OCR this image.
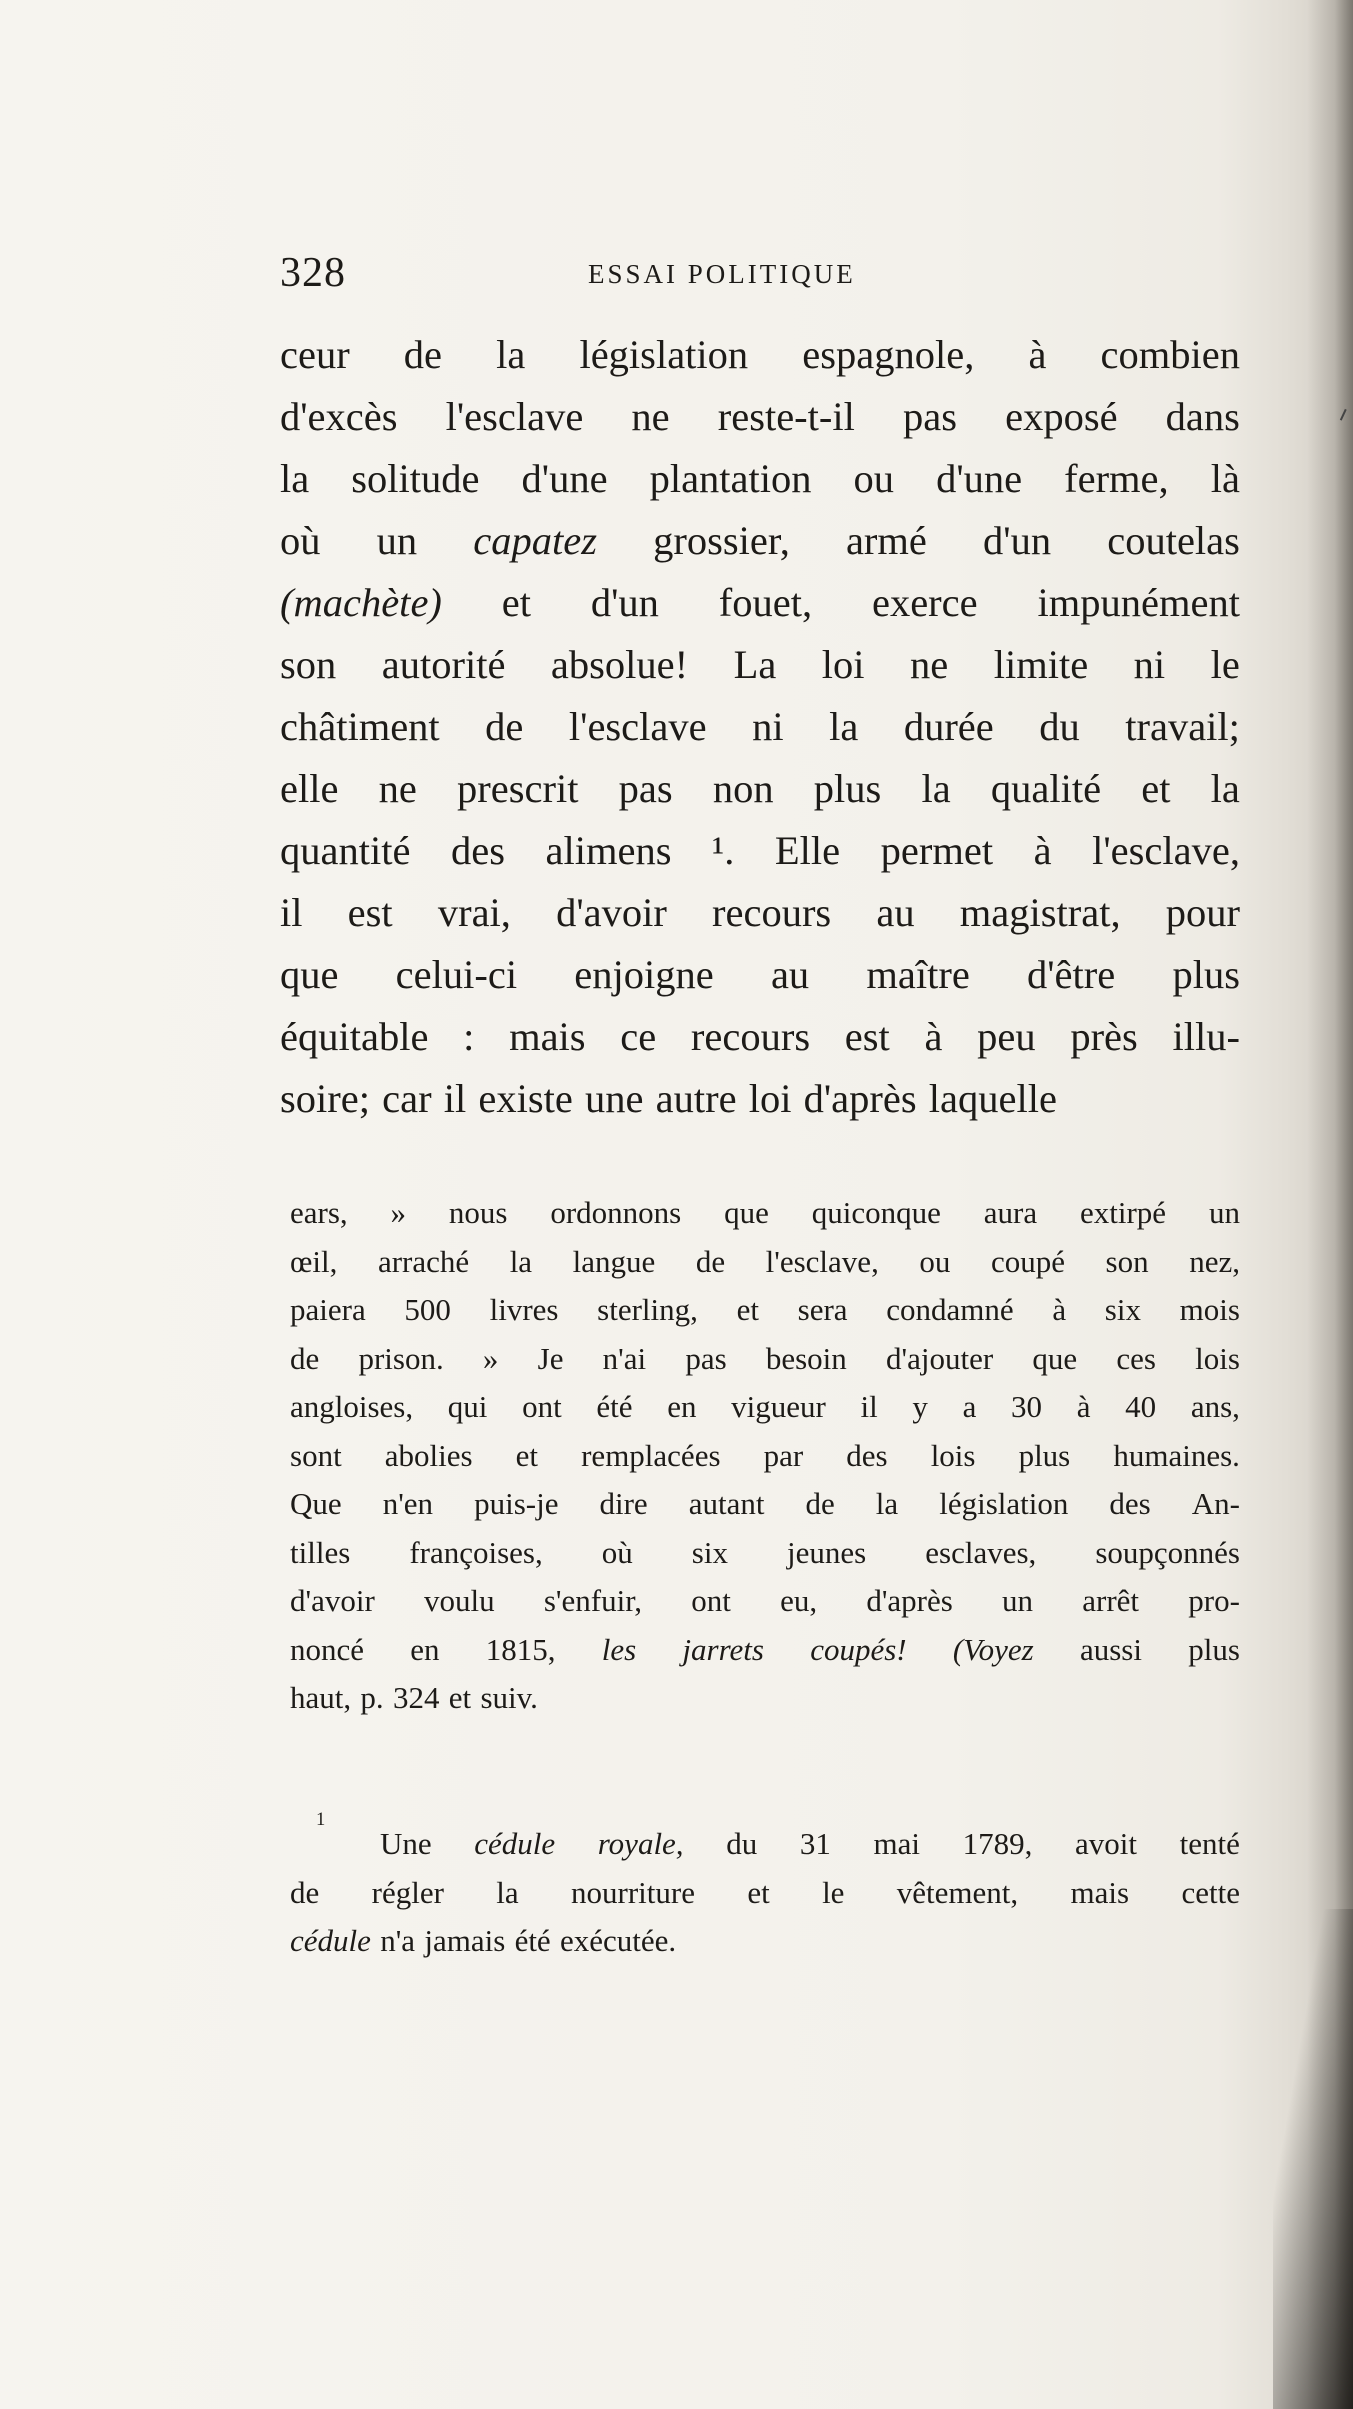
328	ESSAI POLITIQUE
ceur de la législation espagnole, à combien
d'excès l'esclave ne reste-t-il pas exposé dans
la solitude d'une plantation ou d'une ferme, là
où un capatez grossier, armé d'un coutelas
(machète) et d'un fouet, exerce impunément
son autorité absolue! La loi ne limite ni le
châtiment de l'esclave ni la durée du travail;
elle ne prescrit pas non plus la qualité et la
quantité des alimens ¹. Elle permet à l'esclave,
il est vrai, d'avoir recours au magistrat, pour
que celui-ci enjoigne au maître d'être plus
équitable : mais ce recours est à peu près illu-
soire; car il existe une autre loi d'après laquelle
ears, » nous ordonnons que quiconque aura extirpé un
œil, arraché la langue de l'esclave, ou coupé son nez,
paiera 500 livres sterling, et sera condamné à six mois
de prison. » Je n'ai pas besoin d'ajouter que ces lois
angloises, qui ont été en vigueur il y a 30 à 40 ans,
sont abolies et remplacées par des lois plus humaines.
Que n'en puis-je dire autant de la législation des An-
tilles françoises, où six jeunes esclaves, soupçonnés
d'avoir voulu s'enfuir, ont eu, d'après un arrêt pro-
noncé en 1815, les jarrets coupés! (Voyez aussi plus
haut, p. 324 et suiv.
1
Une cédule royale, du 31 mai 1789, avoit tenté
de régler la nourriture et le vêtement, mais cette
cédule n'a jamais été exécutée.
